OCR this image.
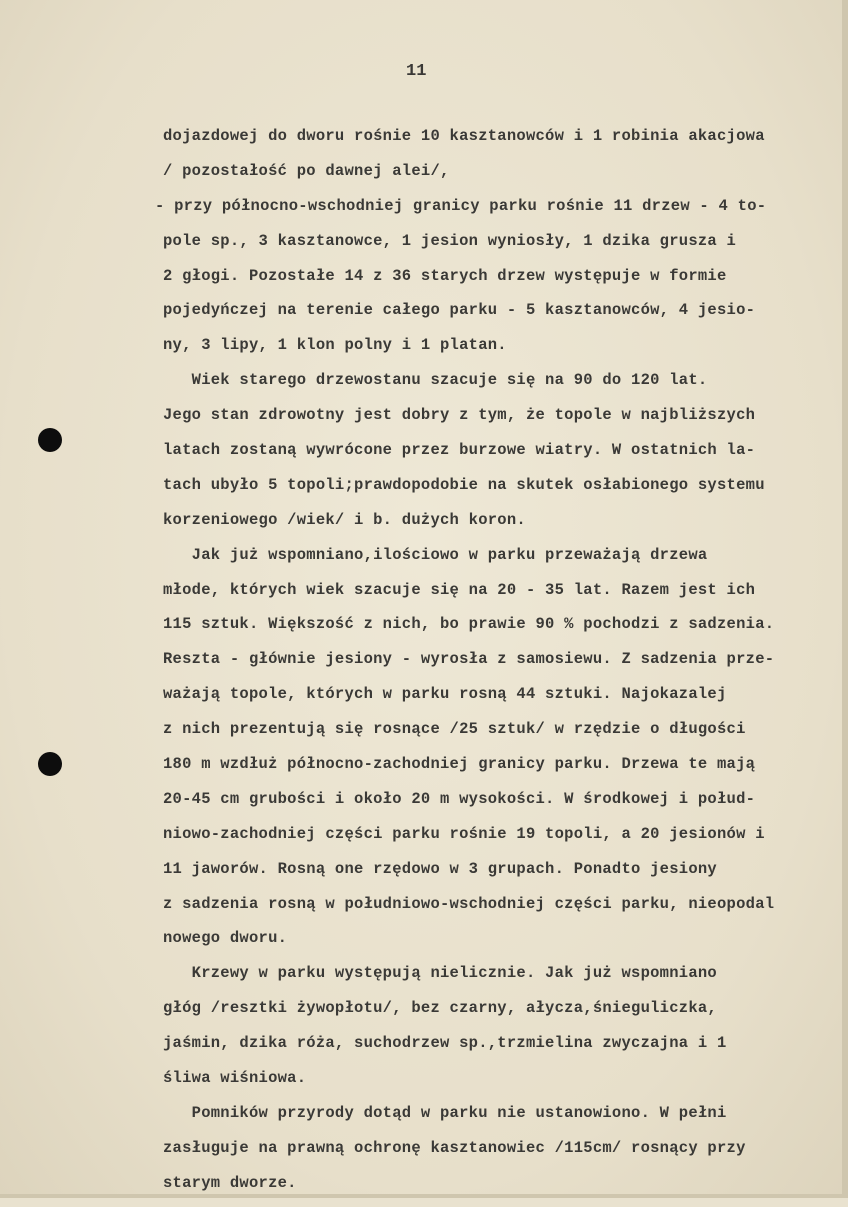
11
dojazdowej do dworu rośnie 10 kasztanowców i 1 robinia akacjowa
/ pozostałość po dawnej alei/,
- przy północno-wschodniej granicy parku rośnie 11 drzew - 4 to-
pole sp., 3 kasztanowce, 1 jesion wyniosły, 1 dzika grusza i
2 głogi. Pozostałe 14 z 36 starych drzew występuje w formie
pojedyńczej na terenie całego parku - 5 kasztanowców, 4 jesio-
ny, 3 lipy, 1 klon polny i 1 platan.
Wiek starego drzewostanu szacuje się na 90 do 120 lat.
Jego stan zdrowotny jest dobry z tym, że topole w najbliższych
latach zostaną wywrócone przez burzowe wiatry. W ostatnich la-
tach ubyło 5 topoli;prawdopodobie na skutek osłabionego systemu
korzeniowego /wiek/ i b. dużych koron.
Jak już wspomniano,ilościowo w parku przeważają drzewa
młode, których wiek szacuje się na 20 - 35 lat. Razem jest ich
115 sztuk. Większość z nich, bo prawie 90 % pochodzi z sadzenia.
Reszta - głównie jesiony - wyrosła z samosiewu. Z sadzenia prze-
ważają topole, których w parku rosną 44 sztuki. Najokazalej
z nich prezentują się rosnące /25 sztuk/ w rzędzie o długości
180 m wzdłuż północno-zachodniej granicy parku. Drzewa te mają
20-45 cm grubości i około 20 m wysokości. W środkowej i połud-
niowo-zachodniej części parku rośnie 19 topoli, a 20 jesionów i
11 jaworów. Rosną one rzędowo w 3 grupach. Ponadto jesiony
z sadzenia rosną w południowo-wschodniej części parku, nieopodal
nowego dworu.
Krzewy w parku występują nielicznie. Jak już wspomniano
głóg /resztki żywopłotu/, bez czarny, ałycza,śnieguliczka,
jaśmin, dzika róża, suchodrzew sp.,trzmielina zwyczajna i 1
śliwa wiśniowa.
Pomników przyrody dotąd w parku nie ustanowiono. W pełni
zasługuje na prawną ochronę kasztanowiec /115cm/ rosnący przy
starym dworze.
